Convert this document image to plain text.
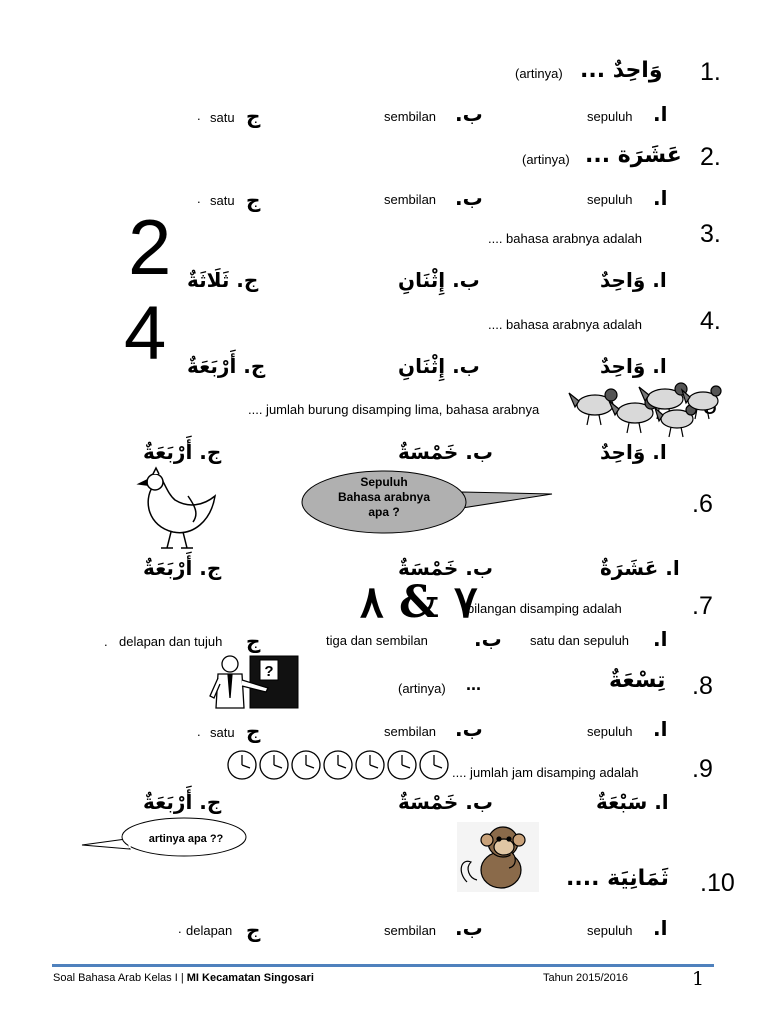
1.
وَاحِدٌ ...
(artinya)
ا.
sepuluh
ب.
sembilan
ج
satu
.
2.
عَشَرَة ...
(artinya)
ا.
sepuluh
ب.
sembilan
ج
satu
.
3.
.... bahasa arabnya adalah
2	ا. وَاحِدٌ
ب. إِثْنَانِ
ج. ثَلَاثَةٌ
4.
.... bahasa arabnya adalah
4	ا. وَاحِدٌ
ب. إِثْنَانِ
ج. أَرْبَعَةٌ
.... jumlah burung disamping lima, bahasa arabnya
ا. وَاحِدٌ
ب. خَمْسَةٌ
ج. أَرْبَعَةٌ
Sepuluh
Bahasa arabnya
apa ?	.6
ا. عَشَرَةٌ
ب. خَمْسَةٌ
ج. أَرْبَعَةٌ
.7
bilangan disamping adalah
٧ & ٨
ا.
satu dan sepuluh
ب.
tiga dan sembilan
ج
delapan dan tujuh
.
?
.8
تِسْعَةٌ
...
(artinya)
ا.
sepuluh
ب.
sembilan
ج
satu
.
.9
.... jumlah jam disamping adalah
ا. سَبْعَةٌ
ب. خَمْسَةٌ
ج. أَرْبَعَةٌ
artinya apa ??
.10
ثَمَانِيَة ....
ا.
sepuluh
ب.
sembilan
ج
delapan
.
Soal Bahasa Arab Kelas I | MI Kecamatan Singosari	Tahun 2015/2016	1
